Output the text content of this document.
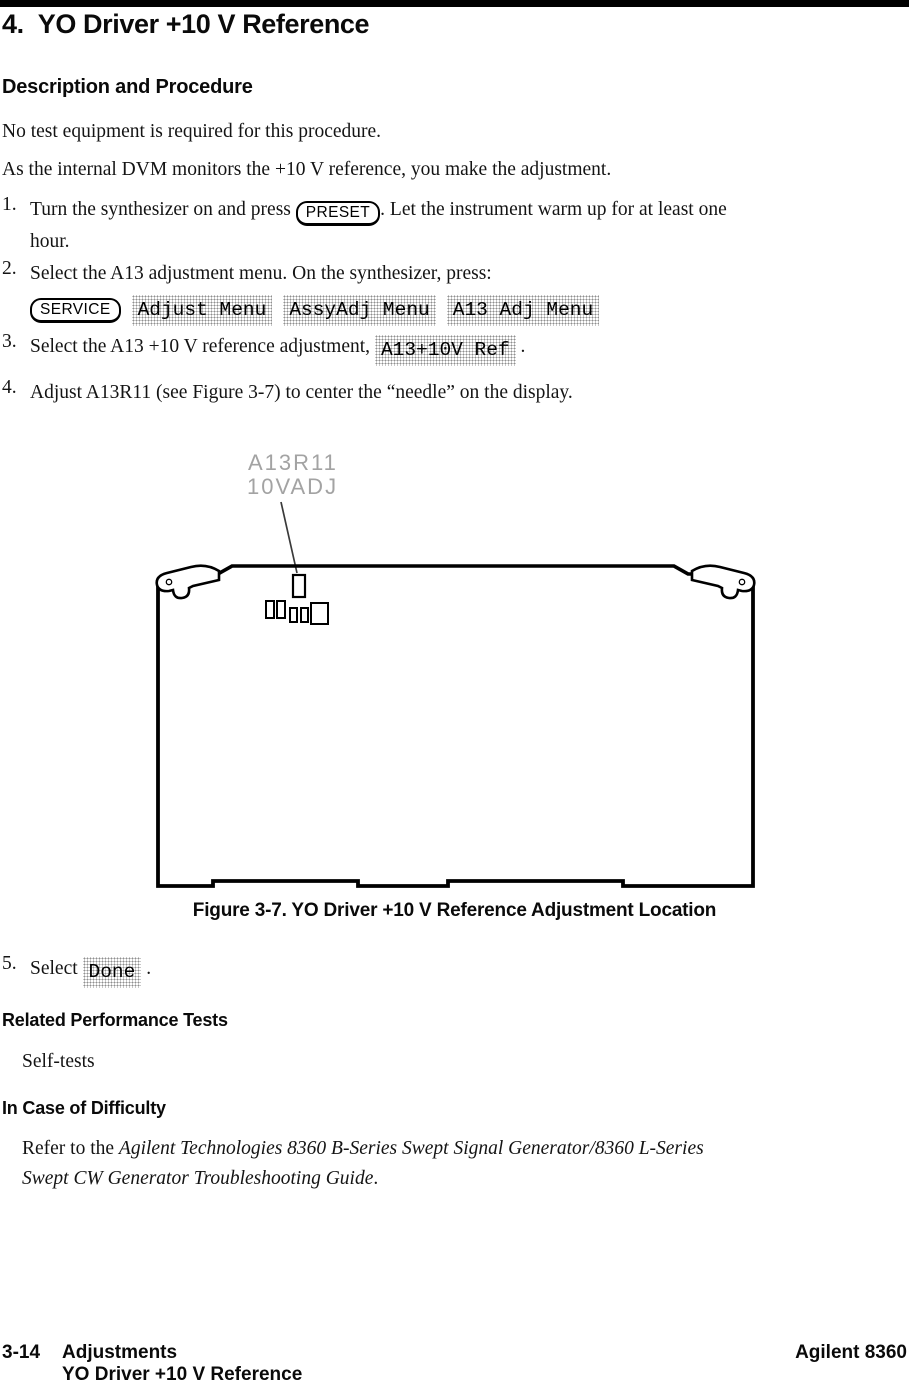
4. YO Driver +10 V Reference
Description and Procedure
No test equipment is required for this procedure.
As the internal DVM monitors the +10 V reference, you make the adjustment.
1. Turn the synthesizer on and press PRESET . Let the instrument warm up for at least one
hour.
2. Select the A13 adjustment menu. On the synthesizer, press:
SERVICE	Adjust Menu	AssyAdj Menu	A13 Adj Menu
3. Select the A13 +10 V reference adjustment, A13+10V Ref .
4. Adjust A13R11 (see Figure 3-7) to center the “needle” on the display.
A13R11
10VADJ
Figure 3-7. YO Driver +10 V Reference Adjustment Location
5. Select Done .
Related Performance Tests
Self-tests
In Case of Difficulty
Refer to the Agilent Technologies 8360 B-Series Swept Signal Generator/8360 L-Series
Swept CW Generator Troubleshooting Guide.
3-14	Adjustments
YO Driver +10 V Reference
Agilent 8360
